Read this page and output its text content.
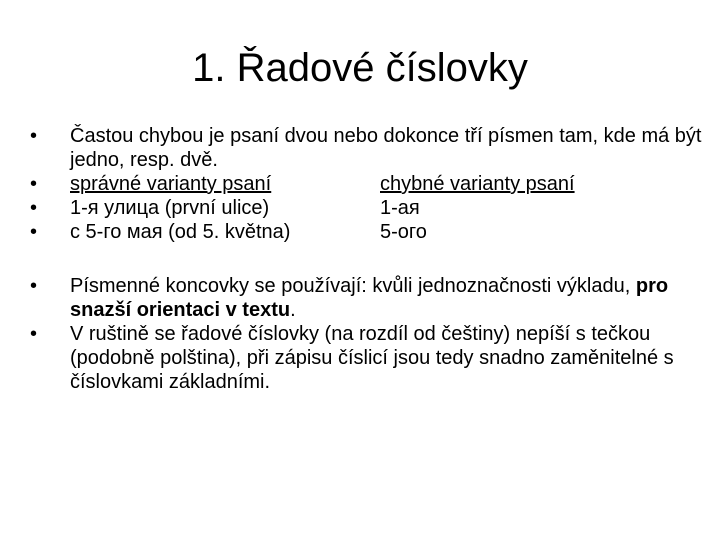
1. Řadové číslovky
• Častou chybou je psaní dvou nebo dokonce tří písmen tam, kde má být jedno, resp. dvě.
• správné varianty psaní	chybné varianty psaní
• 1-я улица (první ulice)	1-ая
• с 5-го мая (od 5. května)	5-ого
• Písmenné koncovky se používají: kvůli jednoznačnosti výkladu, pro snazší orientaci v textu.
• V ruštině se řadové číslovky (na rozdíl od češtiny) nepíší s tečkou (podobně polština), při zápisu číslicí jsou tedy snadno zaměnitelné s číslovkami základními.
